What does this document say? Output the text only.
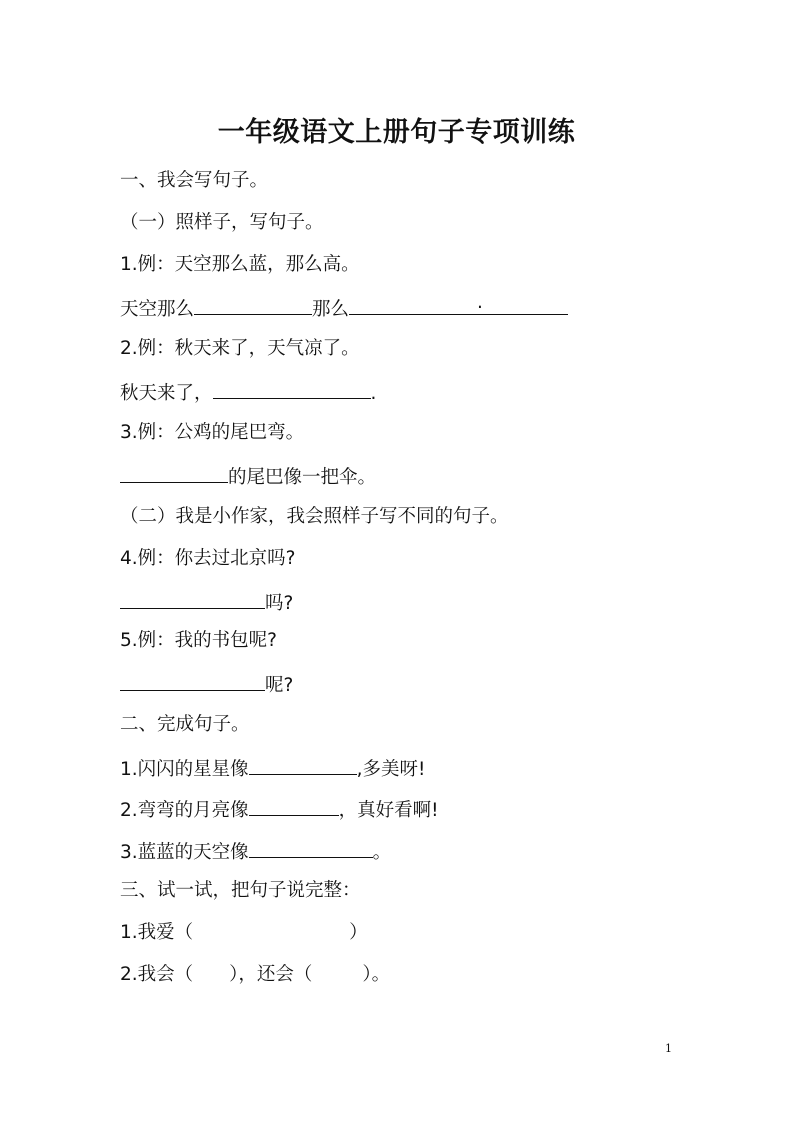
一年级语文上册句子专项训练
一、我会写句子。
（一）照样子，写句子。
1.例：天空那么蓝，那么高。
天空那么	那么	.
2.例：秋天来了，天气凉了。
秋天来了，	.
3.例：公鸡的尾巴弯。
的尾巴像一把伞。
（二）我是小作家，我会照样子写不同的句子。
4.例：你去过北京吗?
吗?
5.例：我的书包呢?
呢?
二、完成句子。
1.闪闪的星星像	,多美呀!
2.弯弯的月亮像	，真好看啊!
3.蓝蓝的天空像	。
三、试一试，把句子说完整：
1.我爱（	）
2.我会（ ），还会（	）。
1
